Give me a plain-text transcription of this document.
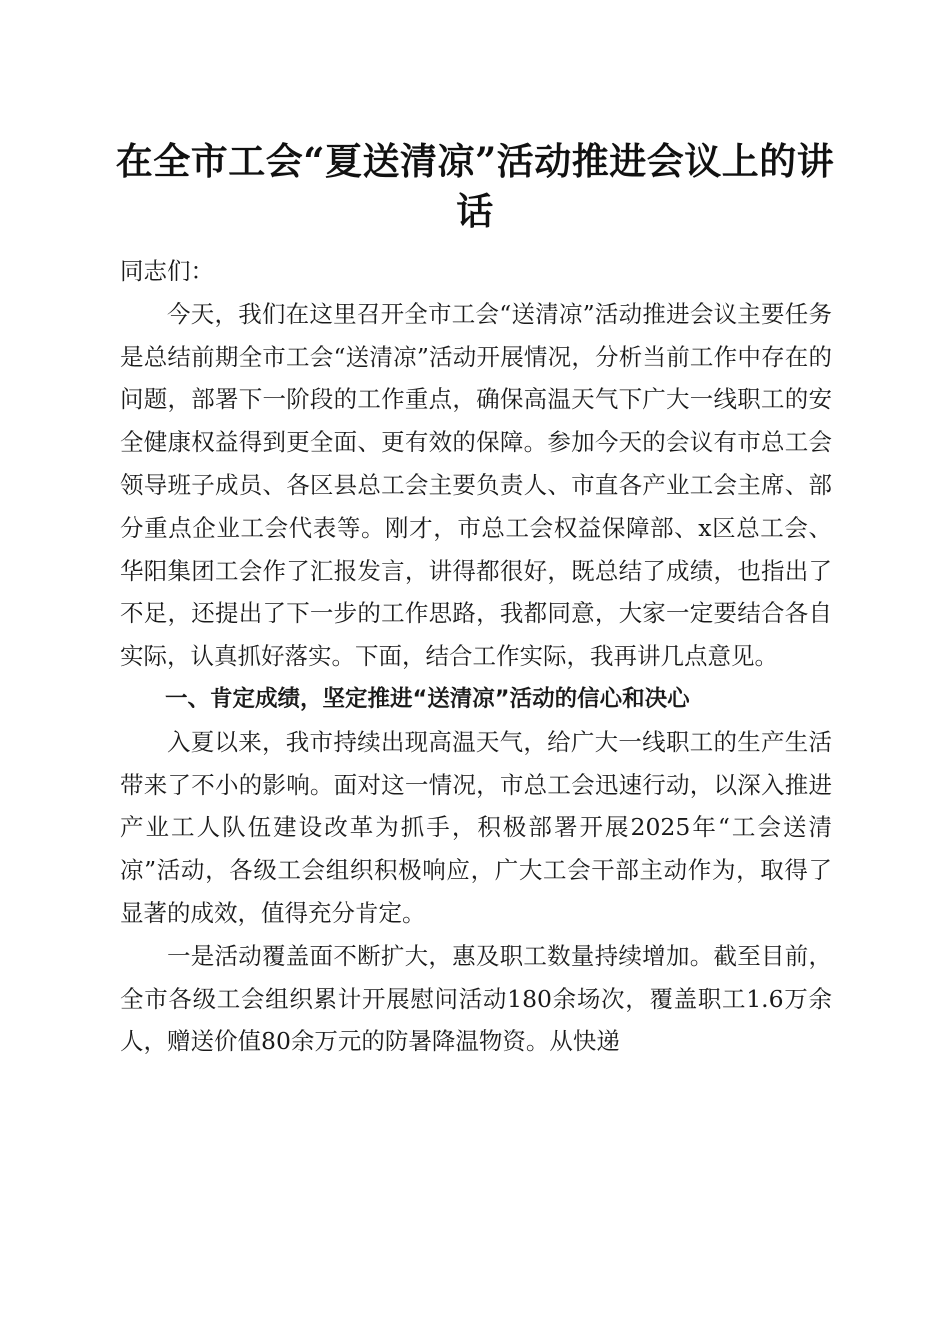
在全市工会“夏送清凉”活动推进会议上的讲话

同志们：

今天，我们在这里召开全市工会“送清凉”活动推进会议主要任务是总结前期全市工会“送清凉”活动开展情况，分析当前工作中存在的问题，部署下一阶段的工作重点，确保高温天气下广大一线职工的安全健康权益得到更全面、更有效的保障。参加今天的会议有市总工会领导班子成员、各区县总工会主要负责人、市直各产业工会主席、部分重点企业工会代表等。刚才，市总工会权益保障部、x区总工会、华阳集团工会作了汇报发言，讲得都很好，既总结了成绩，也指出了不足，还提出了下一步的工作思路，我都同意，大家一定要结合各自实际，认真抓好落实。下面，结合工作实际，我再讲几点意见。

一、肯定成绩，坚定推进“送清凉”活动的信心和决心

入夏以来，我市持续出现高温天气，给广大一线职工的生产生活带来了不小的影响。面对这一情况，市总工会迅速行动，以深入推进产业工人队伍建设改革为抓手，积极部署开展2025年“工会送清凉”活动，各级工会组织积极响应，广大工会干部主动作为，取得了显著的成效，值得充分肯定。

一是活动覆盖面不断扩大，惠及职工数量持续增加。截至目前，全市各级工会组织累计开展慰问活动180余场次，覆盖职工1.6万余人，赠送价值80余万元的防暑降温物资。从快递
